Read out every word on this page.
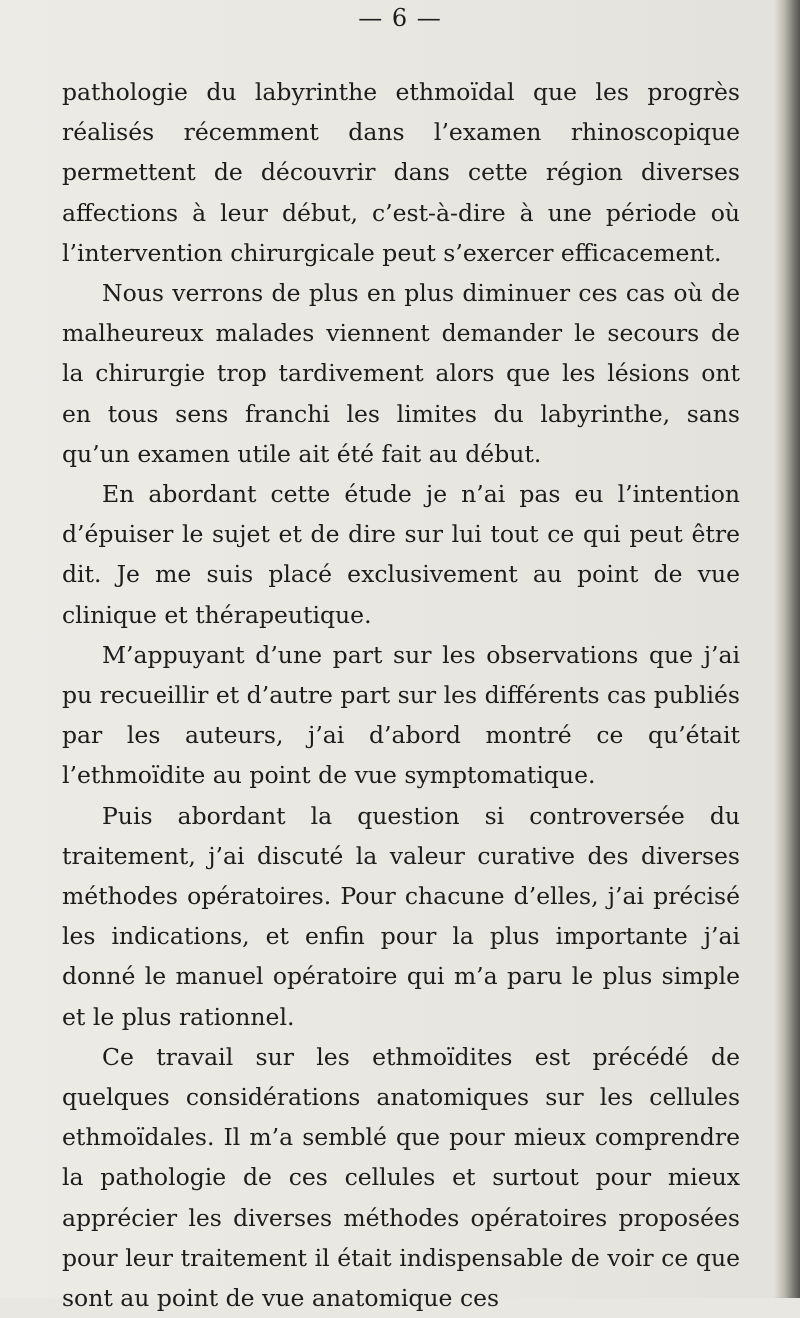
— 6 —

pathologie du labyrinthe ethmoïdal que les progrès réalisés récemment dans l’examen rhinoscopique permettent de découvrir dans cette région diverses affections à leur début, c’est-à-dire à une période où l’intervention chirurgicale peut s’exercer efficacement.

Nous verrons de plus en plus diminuer ces cas où de malheureux malades viennent demander le secours de la chirurgie trop tardivement alors que les lésions ont en tous sens franchi les limites du labyrinthe, sans qu’un examen utile ait été fait au début.

En abordant cette étude je n’ai pas eu l’intention d’épuiser le sujet et de dire sur lui tout ce qui peut être dit. Je me suis placé exclusivement au point de vue clinique et thérapeutique.

M’appuyant d’une part sur les observations que j’ai pu recueillir et d’autre part sur les différents cas publiés par les auteurs, j’ai d’abord montré ce qu’était l’ethmoïdite au point de vue symptomatique.

Puis abordant la question si controversée du traitement, j’ai discuté la valeur curative des diverses méthodes opératoires. Pour chacune d’elles, j’ai précisé les indications, et enfin pour la plus importante j’ai donné le manuel opératoire qui m’a paru le plus simple et le plus rationnel.

Ce travail sur les ethmoïdites est précédé de quelques considérations anatomiques sur les cellules ethmoïdales. Il m’a semblé que pour mieux comprendre la pathologie de ces cellules et surtout pour mieux apprécier les diverses méthodes opératoires proposées pour leur traitement il était indispensable de voir ce que sont au point de vue anatomique ces
